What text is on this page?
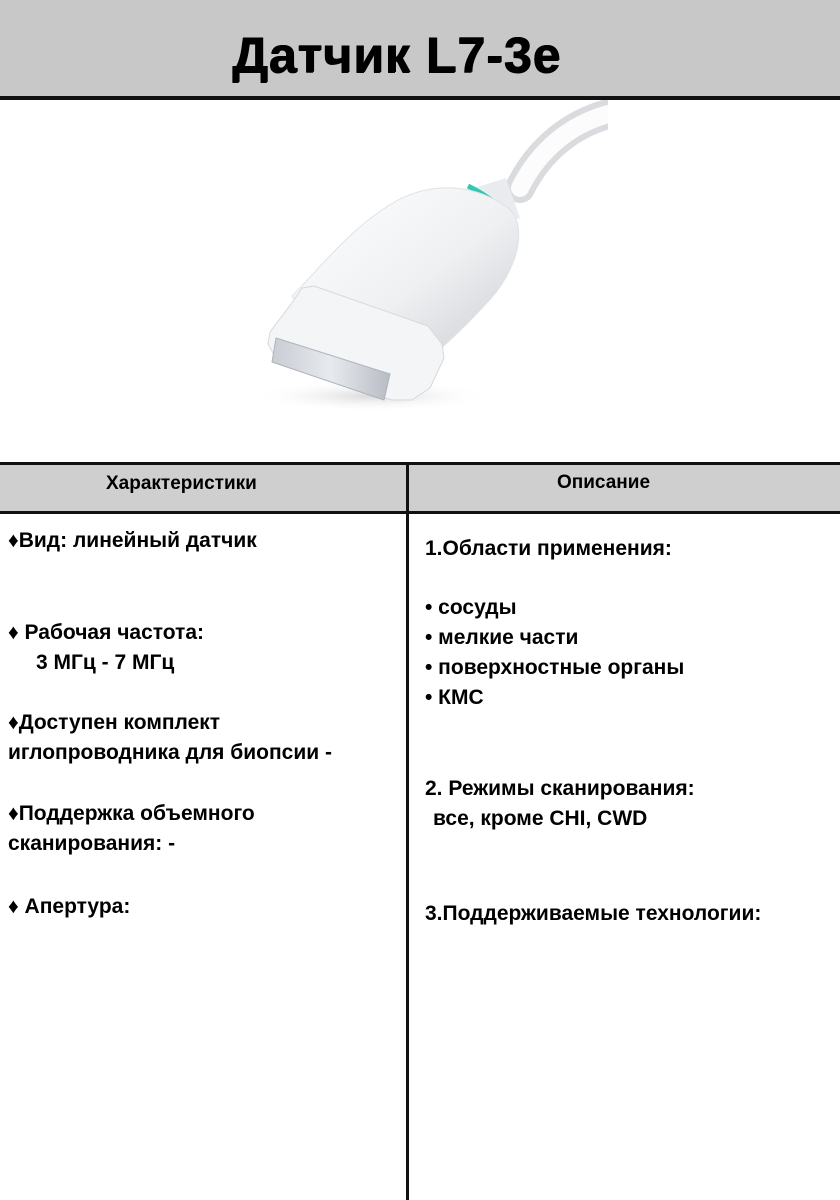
Датчик L7-3e
Характеристики	Описание
♦Вид: линейный датчик
♦ Рабочая частота:
3 МГц - 7 МГц
♦Доступен комплект
иглопроводника для биопсии -
♦Поддержка объемного
сканирования: -
♦ Апертура:
1.Области применения:
• сосуды
• мелкие части
• поверхностные органы
• КМС
2. Режимы сканирования:
все, кроме CHI, CWD
3.Поддерживаемые технологии:
